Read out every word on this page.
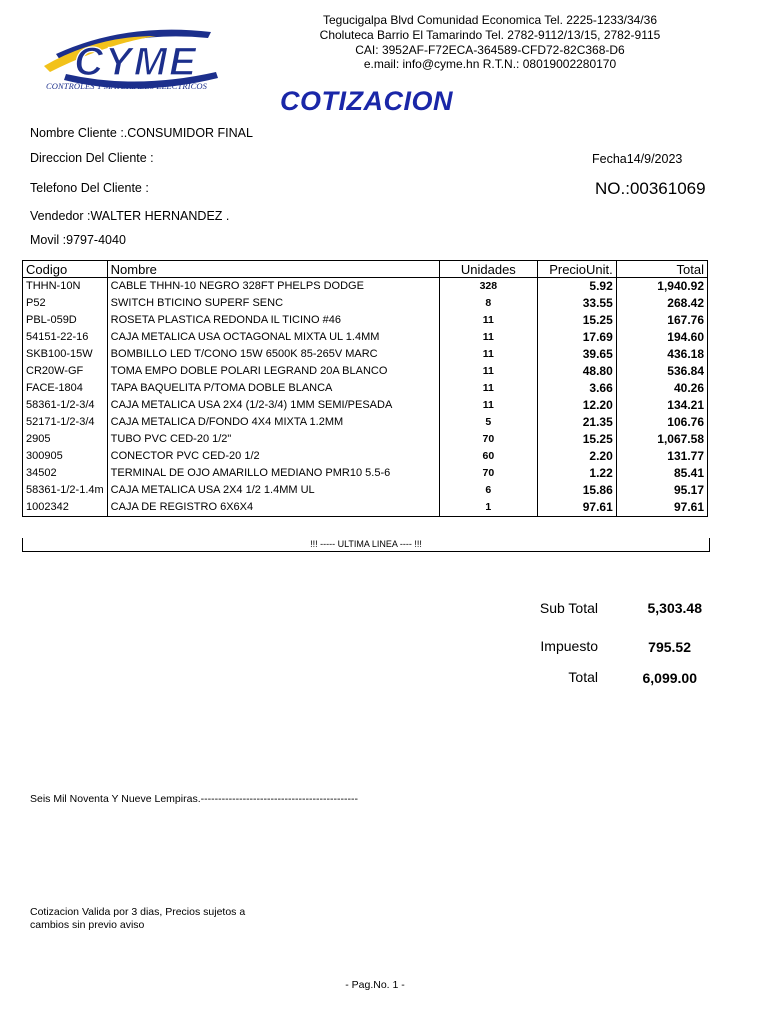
CYME
CONTROLES Y MATERIALES ELECTRICOS
Tegucigalpa Blvd Comunidad Economica Tel. 2225-1233/34/36
Choluteca Barrio El Tamarindo Tel. 2782-9112/13/15, 2782-9115
CAI: 3952AF-F72ECA-364589-CFD72-82C368-D6
e.mail: info@cyme.hn R.T.N.: 08019002280170
COTIZACION
Nombre Cliente :.CONSUMIDOR FINAL
Direccion Del Cliente :	Fecha14/9/2023
Telefono Del Cliente :	NO.:00361069
Vendedor :WALTER HERNANDEZ .
Movil :9797-4040
Codigo	Nombre	Unidades	PrecioUnit.	Total
THHN-10N	CABLE THHN-10 NEGRO 328FT PHELPS DODGE	328	5.92	1,940.92
P52	SWITCH BTICINO SUPERF SENC	8	33.55	268.42
PBL-059D	ROSETA PLASTICA REDONDA IL TICINO #46	11	15.25	167.76
54151-22-16	CAJA METALICA USA OCTAGONAL MIXTA UL 1.4MM	11	17.69	194.60
SKB100-15W	BOMBILLO LED T/CONO 15W 6500K 85-265V MARC	11	39.65	436.18
CR20W-GF	TOMA EMPO DOBLE POLARI LEGRAND 20A BLANCO	11	48.80	536.84
FACE-1804	TAPA BAQUELITA P/TOMA DOBLE BLANCA	11	3.66	40.26
58361-1/2-3/4	CAJA METALICA USA 2X4 (1/2-3/4) 1MM SEMI/PESADA	11	12.20	134.21
52171-1/2-3/4	CAJA METALICA D/FONDO 4X4 MIXTA 1.2MM	5	21.35	106.76
2905	TUBO PVC CED-20 1/2"	70	15.25	1,067.58
300905	CONECTOR PVC CED-20 1/2	60	2.20	131.77
34502	TERMINAL DE OJO AMARILLO MEDIANO PMR10 5.5-6	70	1.22	85.41
58361-1/2-1.4m	CAJA METALICA USA 2X4 1/2 1.4MM UL	6	15.86	95.17
1002342	CAJA DE REGISTRO 6X6X4	1	97.61	97.61
!!! ----- ULTIMA LINEA ---- !!!
Sub Total	5,303.48
Impuesto	795.52
Total	6,099.00
Seis Mil Noventa Y Nueve Lempiras.---------------------------------------------
Cotizacion Valida por 3 dias, Precios sujetos a
cambios sin previo aviso
- Pag.No. 1 -
